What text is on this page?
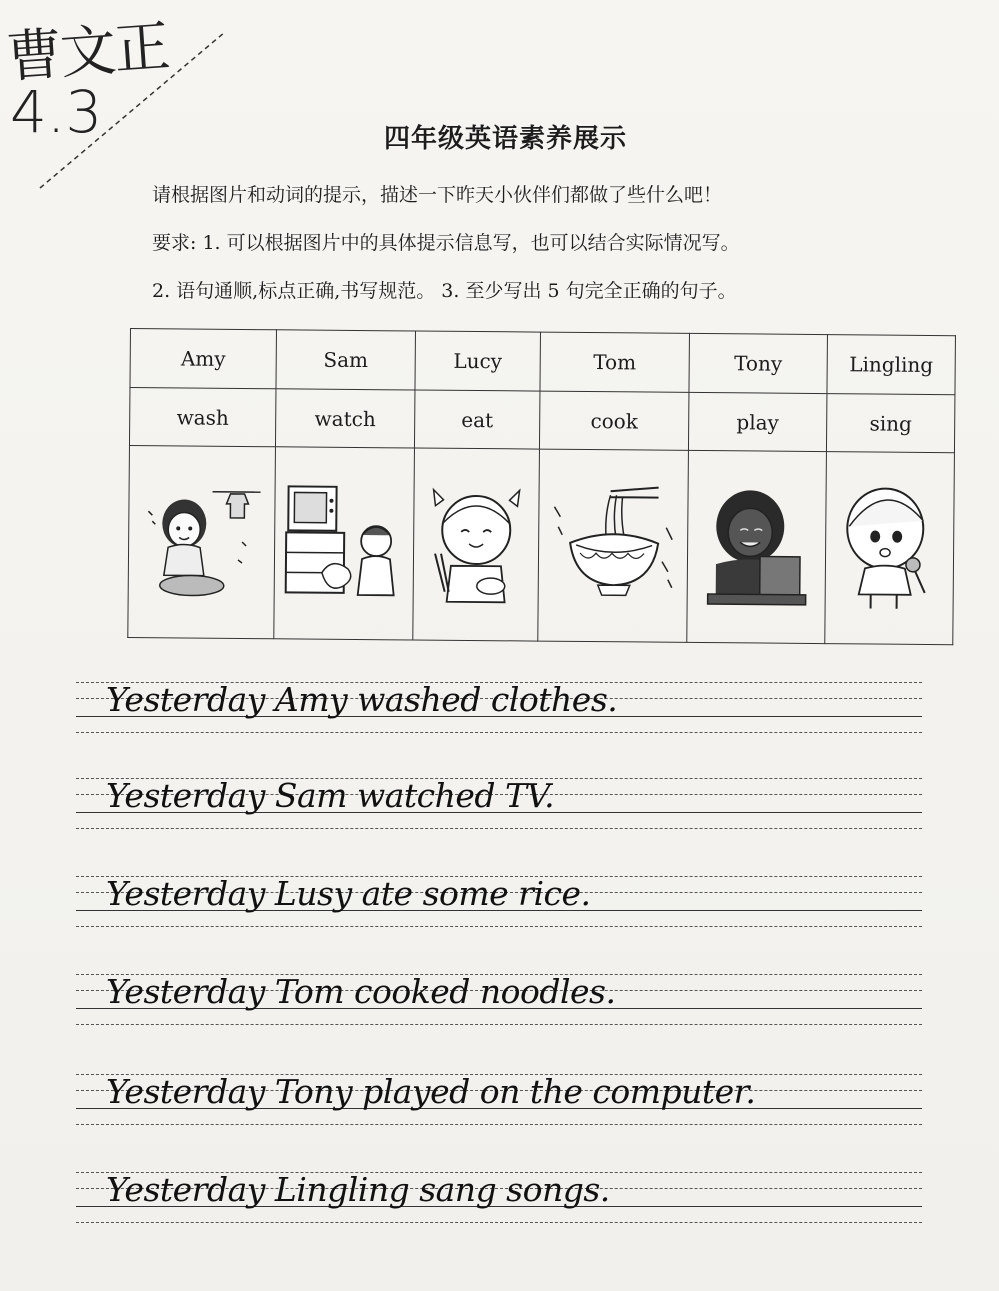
曹文正
4.3	四年级英语素养展示
请根据图片和动词的提示，描述一下昨天小伙伴们都做了些什么吧！
要求: 1. 可以根据图片中的具体提示信息写，也可以结合实际情况写。
2. 语句通顺,标点正确,书写规范。 3. 至少写出 5 句完全正确的句子。
Amy	Sam	Lucy	Tom	Tony	Lingling
wash	watch	eat	cook	play	sing

Yesterday Amy washed clothes.
Yesterday Sam watched TV.
Yesterday Lusy ate some rice.
Yesterday Tom cooked noodles.
Yesterday Tony played on the computer.
Yesterday Lingling sang songs.
